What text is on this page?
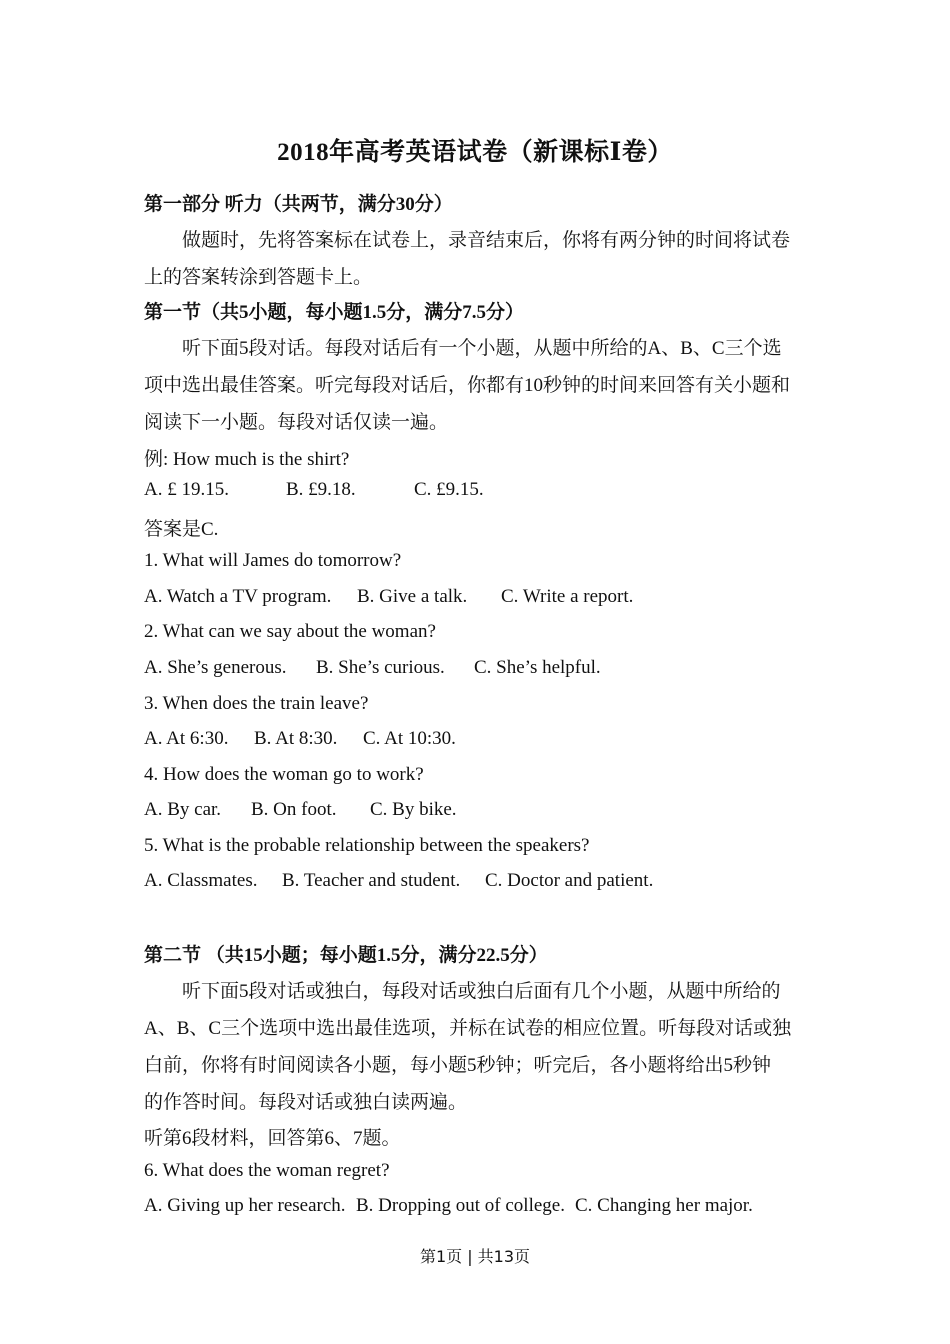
2018年高考英语试卷（新课标Ⅰ卷）
第一部分 听力（共两节，满分30分）
做题时，先将答案标在试卷上，录音结束后，你将有两分钟的时间将试卷
上的答案转涂到答题卡上。
第一节（共5小题，每小题1.5分，满分7.5分）
听下面5段对话。每段对话后有一个小题，从题中所给的A、B、C三个选
项中选出最佳答案。听完每段对话后，你都有10秒钟的时间来回答有关小题和
阅读下一小题。每段对话仅读一遍。
例: How much is the shirt?
A. £ 19.15.	B. £9.18.	C. £9.15.
答案是C.
1. What will James do tomorrow?
A. Watch a TV program. B. Give a talk. C. Write a report.
2. What can we say about the woman?
A. She’s generous. B. She’s curious. C. She’s helpful.
3. When does the train leave?
A. At 6:30. B. At 8:30. C. At 10:30.
4. How does the woman go to work?
A. By car. B. On foot. C. By bike.
5. What is the probable relationship between the speakers?
A. Classmates. B. Teacher and student. C. Doctor and patient.
第二节 （共15小题；每小题1.5分，满分22.5分）
听下面5段对话或独白，每段对话或独白后面有几个小题，从题中所给的
A、B、C三个选项中选出最佳选项，并标在试卷的相应位置。听每段对话或独
白前，你将有时间阅读各小题，每小题5秒钟；听完后，各小题将给出5秒钟
的作答时间。每段对话或独白读两遍。
听第6段材料，回答第6、7题。
6. What does the woman regret?
A. Giving up her research. B. Dropping out of college. C. Changing her major.
第1页 | 共13页
